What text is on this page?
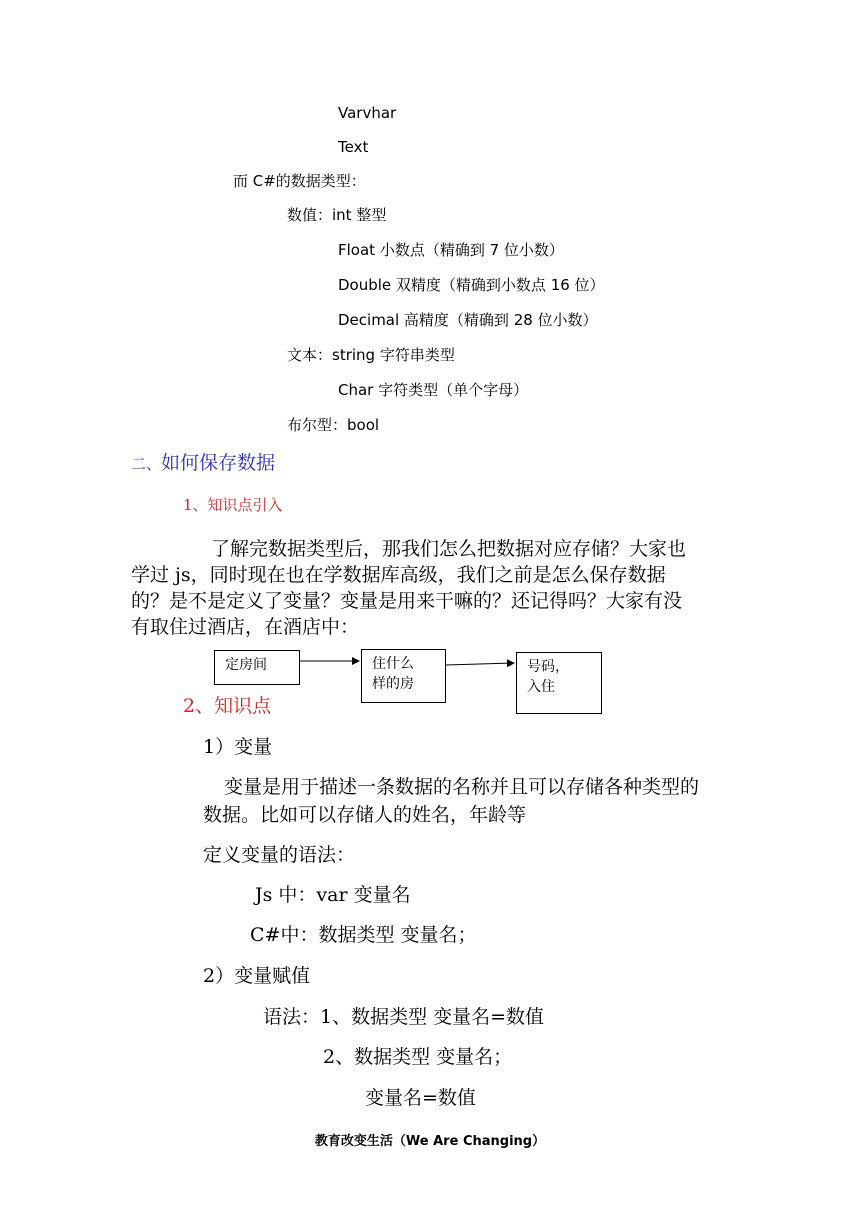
Varvhar
Text
而 C#的数据类型：
数值：int 整型
Float 小数点（精确到 7 位小数）
Double 双精度（精确到小数点 16 位）
Decimal 高精度（精确到 28 位小数）
文本：string 字符串类型
Char 字符类型（单个字母）
布尔型：bool
二、如何保存数据
1、知识点引入
了解完数据类型后，那我们怎么把数据对应存储？大家也
学过 js，同时现在也在学数据库高级，我们之前是怎么保存数据
的？是不是定义了变量？变量是用来干嘛的？还记得吗？大家有没
有取住过酒店，在酒店中：
定房间	住什么
样的房
号码，
入住
2、知识点
1）变量
变量是用于描述一条数据的名称并且可以存储各种类型的
数据。比如可以存储人的姓名，年龄等
定义变量的语法：
Js 中：var 变量名
C#中：数据类型 变量名；
2）变量赋值
语法：1、数据类型 变量名=数值
2、数据类型 变量名；
变量名=数值
教育改变生活（We Are Changing）
